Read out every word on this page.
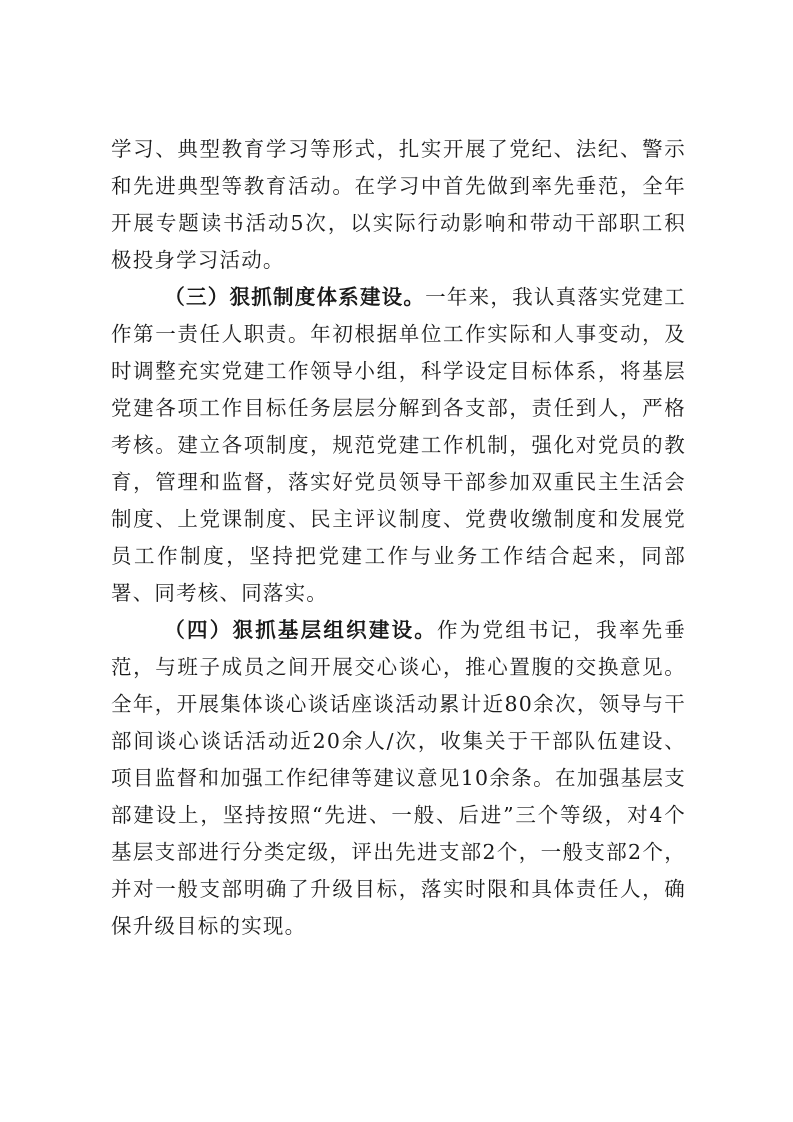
学习、典型教育学习等形式，扎实开展了党纪、法纪、警示和先进典型等教育活动。在学习中首先做到率先垂范，全年开展专题读书活动5次，以实际行动影响和带动干部职工积极投身学习活动。

（三）狠抓制度体系建设。一年来，我认真落实党建工作第一责任人职责。年初根据单位工作实际和人事变动，及时调整充实党建工作领导小组，科学设定目标体系，将基层党建各项工作目标任务层层分解到各支部，责任到人，严格考核。建立各项制度，规范党建工作机制，强化对党员的教育，管理和监督，落实好党员领导干部参加双重民主生活会制度、上党课制度、民主评议制度、党费收缴制度和发展党员工作制度，坚持把党建工作与业务工作结合起来，同部署、同考核、同落实。

（四）狠抓基层组织建设。作为党组书记，我率先垂范，与班子成员之间开展交心谈心，推心置腹的交换意见。全年，开展集体谈心谈话座谈活动累计近80余次，领导与干部间谈心谈话活动近20余人/次，收集关于干部队伍建设、项目监督和加强工作纪律等建议意见10余条。在加强基层支部建设上，坚持按照“先进、一般、后进”三个等级，对4个基层支部进行分类定级，评出先进支部2个，一般支部2个，并对一般支部明确了升级目标，落实时限和具体责任人，确保升级目标的实现。
